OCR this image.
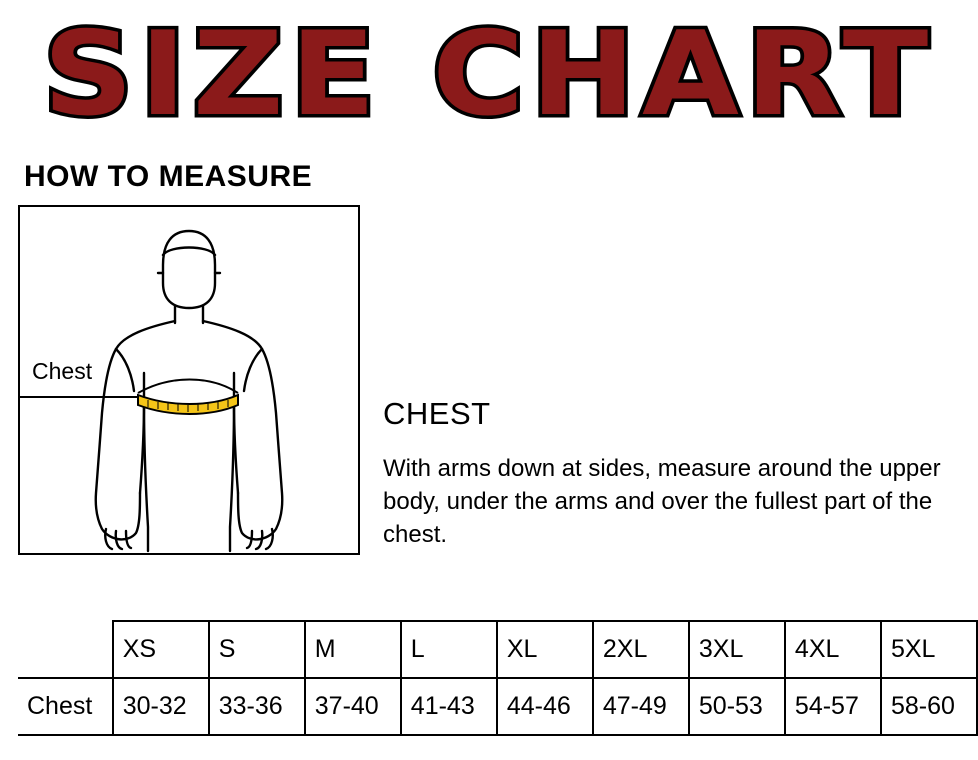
SIZE CHART
HOW TO MEASURE
Chest
CHEST
With arms down at sides, measure around the upper body, under the arms and over the fullest part of the chest.
	XS	S	M	L	XL	2XL	3XL	4XL	5XL
Chest	30-32	33-36	37-40	41-43	44-46	47-49	50-53	54-57	58-60
